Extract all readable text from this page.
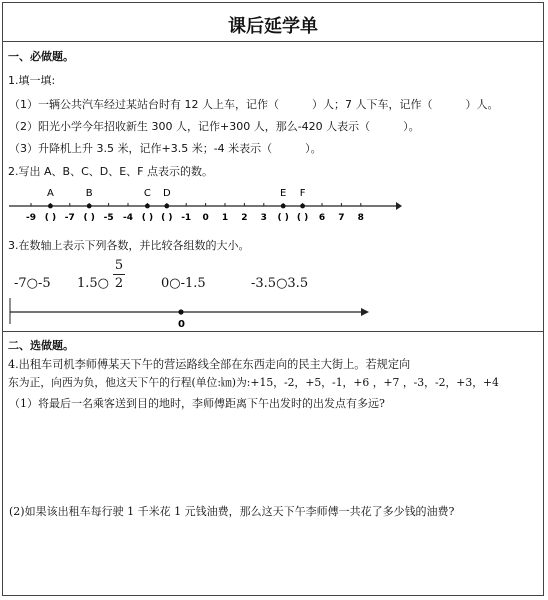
课后延学单
一、必做题。
1.填一填:
（1）一辆公共汽车经过某站台时有 12 人上车，记作（　　　）人；7 人下车，记作（　　　）人。
（2）阳光小学今年招收新生 300 人，记作+300 人，那么-420 人表示（　　　）。
（3）升降机上升 3.5 米，记作+3.5 米；-4 米表示（　　　）。
2.写出 A、B、C、D、E、F 点表示的数。
A	B	C D	E F
-9 ( ) -7 ( ) -5 -4 ( ) ( ) -1 0 1 2 3 ( ) ( ) 6 7 8
3.在数轴上表示下列各数，并比较各组数的大小。
-7○-5 1.5○
5
2	0○-1.5	-3.5○3.5
0
二、选做题。
4.出租车司机李师傅某天下午的营运路线全部在东西走向的民主大街上。若规定向
东为正，向西为负，他这天下午的行程(单位:㎞)为:+15，-2，+5，-1，+6 ，+7 ，-3，-2，+3，+4
（1）将最后一名乘客送到目的地时，李师傅距离下午出发时的出发点有多远?
(2)如果该出租车每行驶 1 千米花 1 元钱油费，那么这天下午李师傅一共花了多少钱的油费?
